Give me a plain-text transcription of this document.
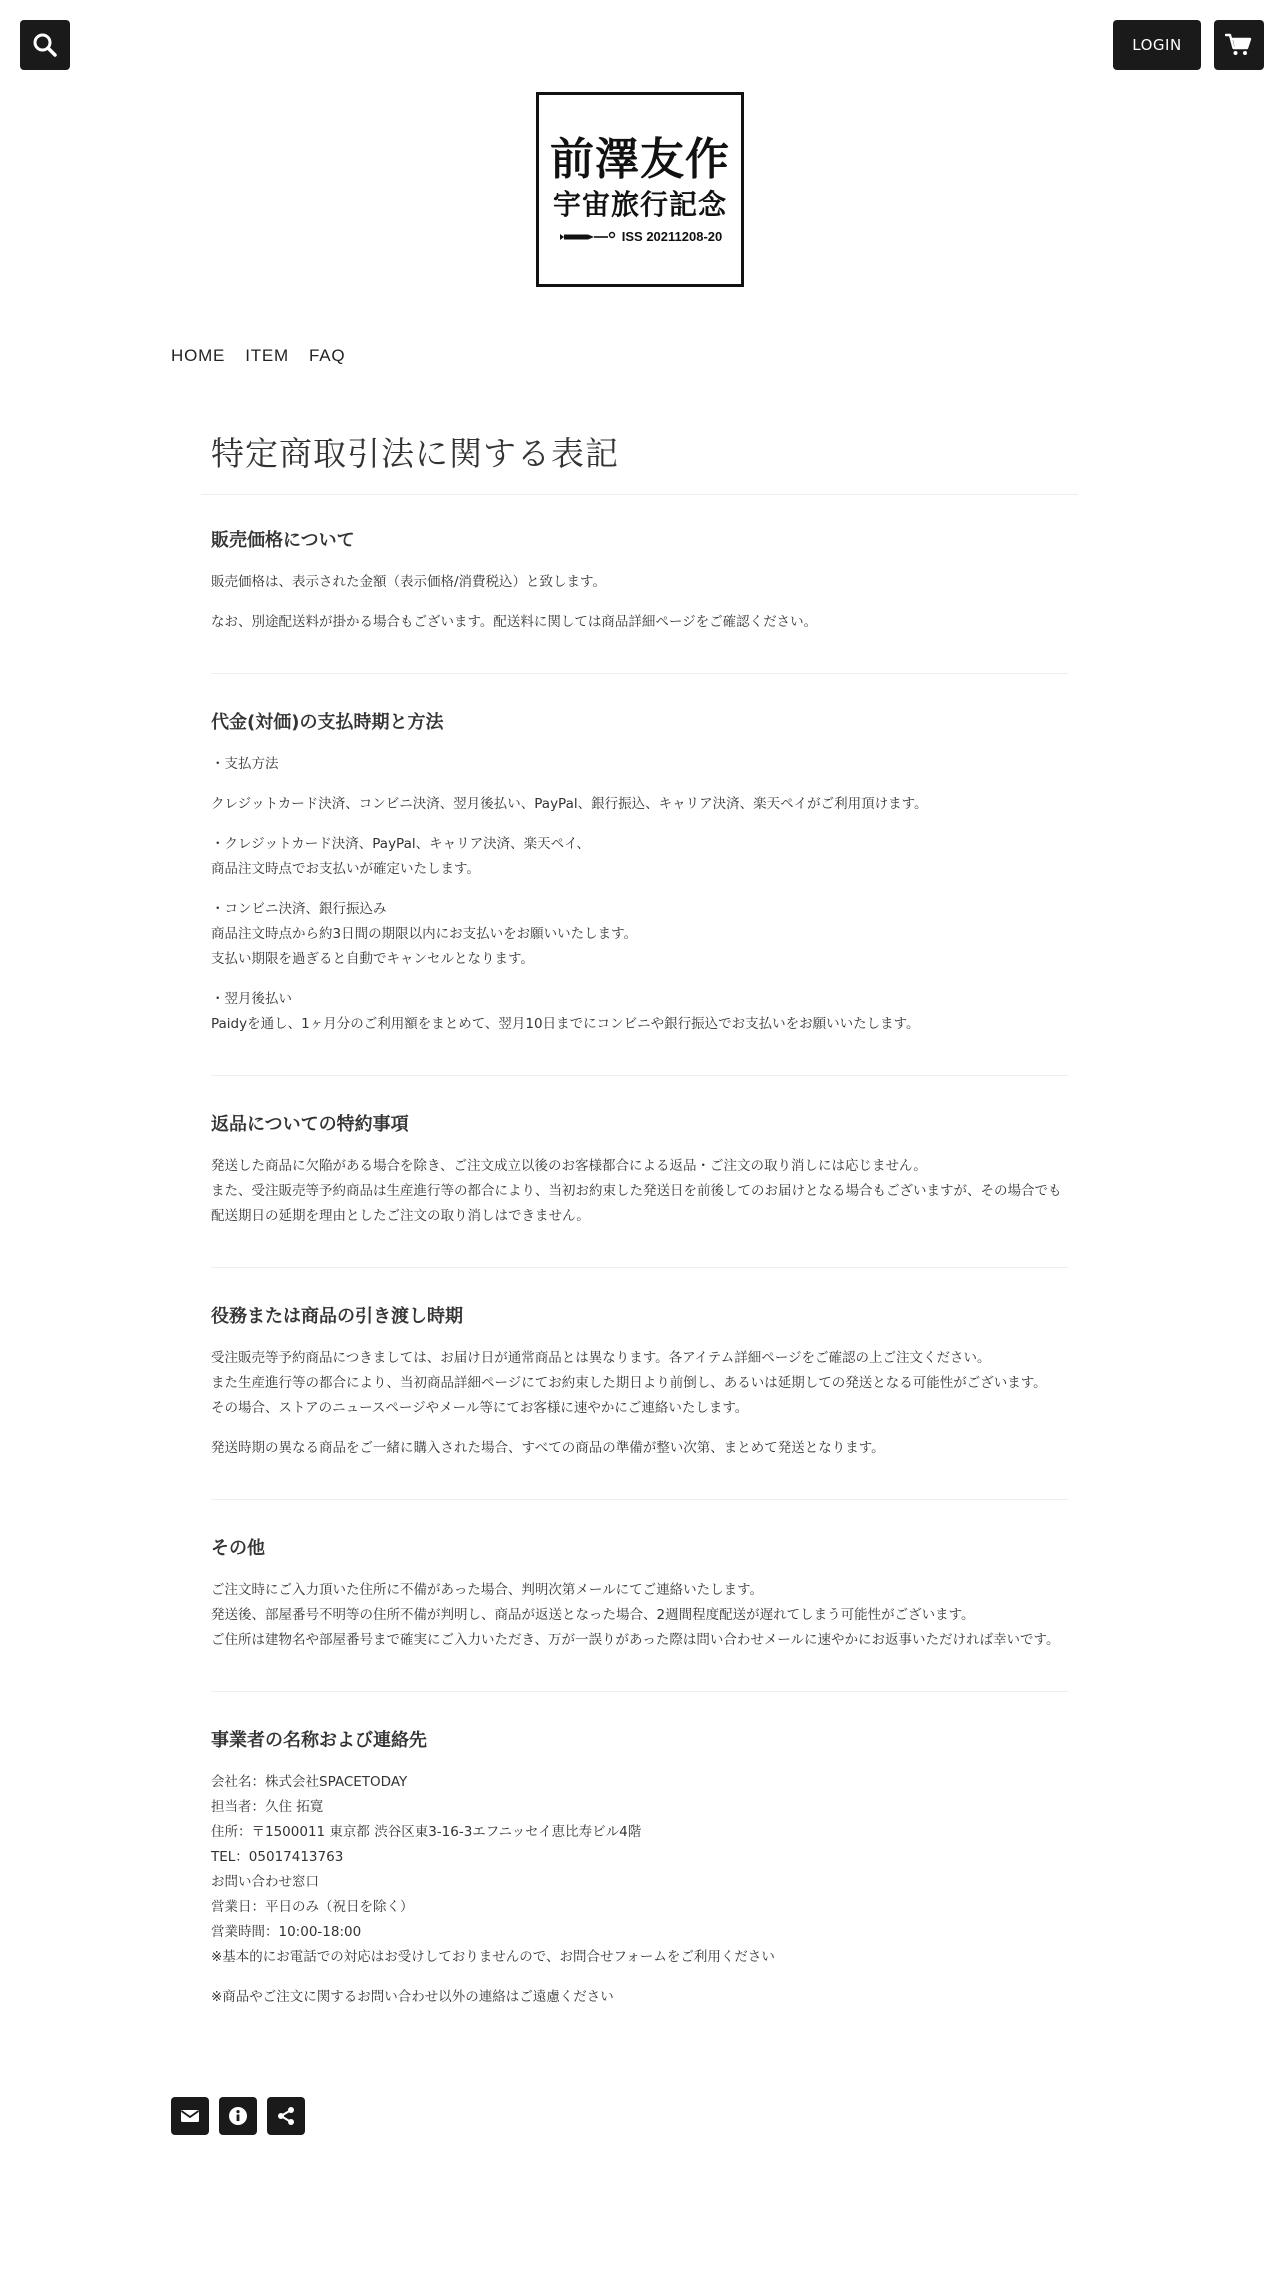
LOGIN
前澤友作
宇宙旅行記念
ISS 20211208-20
HOME ITEM FAQ
特定商取引法に関する表記
販売価格について

販売価格は、表示された金額（表示価格/消費税込）と致します。

なお、別途配送料が掛かる場合もございます。配送料に関しては商品詳細ページをご確認ください。

代金(対価)の支払時期と方法

・支払方法

クレジットカード決済、コンビニ決済、翌月後払い、PayPal、銀行振込、キャリア決済、楽天ペイがご利用頂けます。

・クレジットカード決済、PayPal、キャリア決済、楽天ペイ、
商品注文時点でお支払いが確定いたします。

・コンビニ決済、銀行振込み
商品注文時点から約3日間の期限以内にお支払いをお願いいたします。
支払い期限を過ぎると自動でキャンセルとなります。

・翌月後払い
Paidyを通し、1ヶ月分のご利用額をまとめて、翌月10日までにコンビニや銀行振込でお支払いをお願いいたします。

返品についての特約事項

発送した商品に欠陥がある場合を除き、ご注文成立以後のお客様都合による返品・ご注文の取り消しには応じません。
また、受注販売等予約商品は生産進行等の都合により、当初お約束した発送日を前後してのお届けとなる場合もございますが、その場合でも配送期日の延期を理由としたご注文の取り消しはできません。

役務または商品の引き渡し時期

受注販売等予約商品につきましては、お届け日が通常商品とは異なります。各アイテム詳細ページをご確認の上ご注文ください。
また生産進行等の都合により、当初商品詳細ページにてお約束した期日より前倒し、あるいは延期しての発送となる可能性がございます。
その場合、ストアのニュースページやメール等にてお客様に速やかにご連絡いたします。

発送時期の異なる商品をご一緒に購入された場合、すべての商品の準備が整い次第、まとめて発送となります。

その他

ご注文時にご入力頂いた住所に不備があった場合、判明次第メールにてご連絡いたします。
発送後、部屋番号不明等の住所不備が判明し、商品が返送となった場合、2週間程度配送が遅れてしまう可能性がございます。
ご住所は建物名や部屋番号まで確実にご入力いただき、万が一誤りがあった際は問い合わせメールに速やかにお返事いただければ幸いです。

事業者の名称および連絡先

会社名：株式会社SPACETODAY
担当者：久住 拓寛
住所：〒1500011 東京都 渋谷区東3-16-3エフニッセイ恵比寿ビル4階
TEL：05017413763
お問い合わせ窓口
営業日：平日のみ（祝日を除く）
営業時間：10:00-18:00
※基本的にお電話での対応はお受けしておりませんので、お問合せフォームをご利用ください

※商品やご注文に関するお問い合わせ以外の連絡はご遠慮ください
